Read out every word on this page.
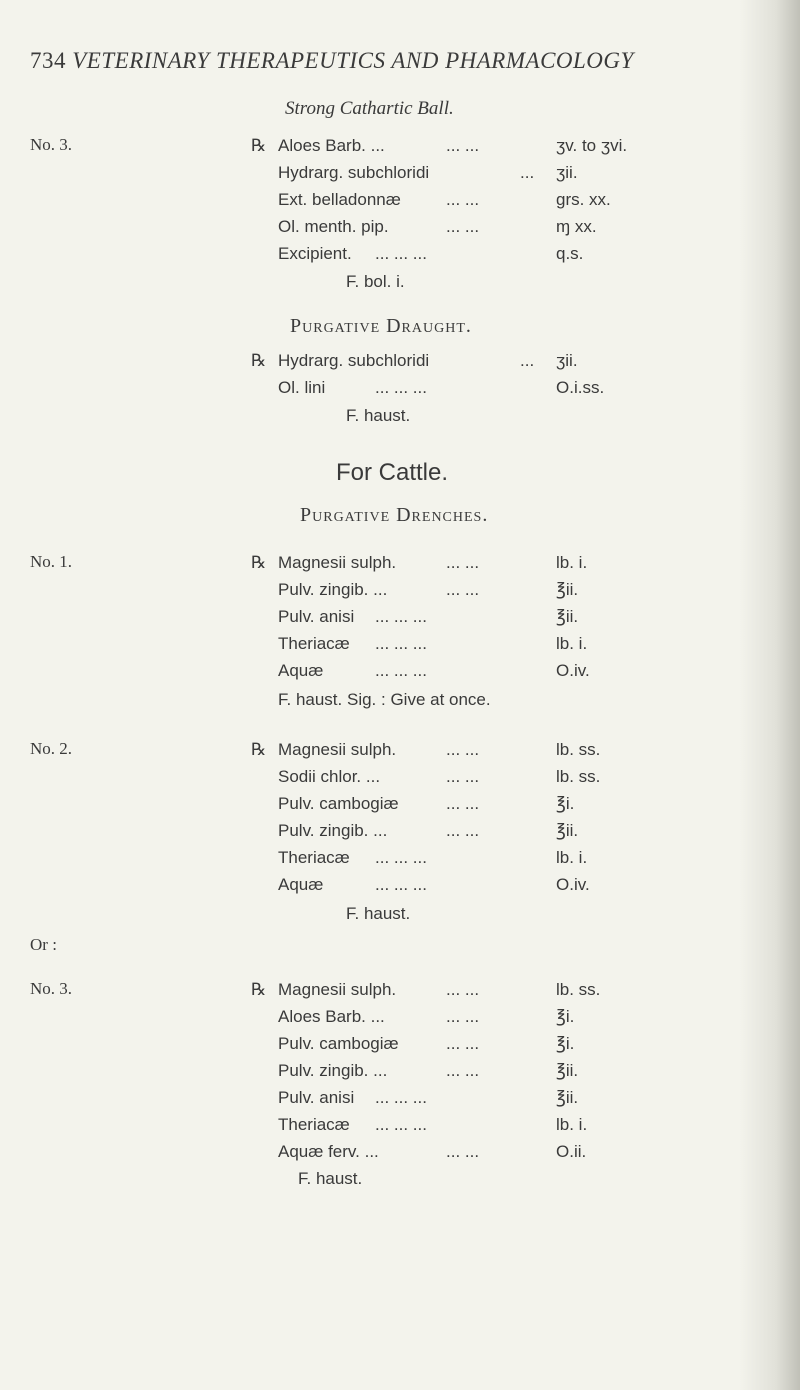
734 VETERINARY THERAPEUTICS AND PHARMACOLOGY
Strong Cathartic Ball.
No. 3.	℞ Aloes Barb. ...	... ...	ʒv. to ʒvi.
Hydrarg. subchloridi	... ʒii.
Ext. belladonnæ	... ...	grs. xx.
Ol. menth. pip.	... ...	ɱ xx.
Excipient. ... ... ...	q.s.
F. bol. i.
Purgative Draught.
℞ Hydrarg. subchloridi	... ʒii.
Ol. lini	... ... ...	O.i.ss.
F. haust.
For Cattle.
Purgative Drenches.
No. 1.	℞ Magnesii sulph.	... ...	lb. i.
Pulv. zingib. ...	... ...	℥ii.
Pulv. anisi ... ... ...	℥ii.
Theriacæ ... ... ...	lb. i.
Aquæ	... ... ...	O.iv.
F. haust. Sig. : Give at once.
No. 2.	℞ Magnesii sulph.	... ...	lb. ss.
Sodii chlor. ...	... ...	lb. ss.
Pulv. cambogiæ	... ...	℥i.
Pulv. zingib. ...	... ...	℥ii.
Theriacæ ... ... ...	lb. i.
Aquæ	... ... ...	O.iv.
F. haust.
Or :
No. 3.	℞ Magnesii sulph.	... ...	lb. ss.
Aloes Barb. ...	... ...	℥i.
Pulv. cambogiæ	... ...	℥i.
Pulv. zingib. ...	... ...	℥ii.
Pulv. anisi ... ... ...	℥ii.
Theriacæ ... ... ...	lb. i.
Aquæ ferv. ...	... ...	O.ii.
F. haust.
